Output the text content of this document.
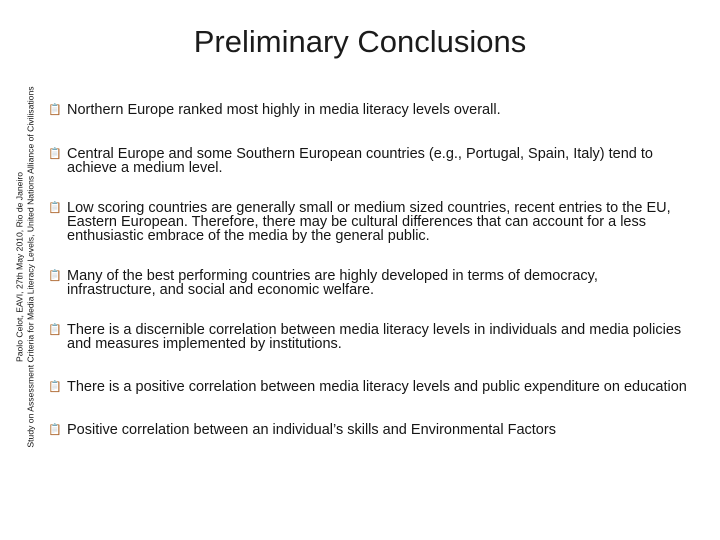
Paolo Celot, EAVI, 27th May 2010, Rio de Janeiro Study on Assessment Criteria for Media Literacy Levels, United Nations Alliance of Civilisations
Preliminary Conclusions
📋 Northern Europe ranked most highly in media literacy levels overall.
📋 Central Europe and some Southern European countries (e.g., Portugal, Spain, Italy) tend to achieve a medium level.
📋 Low scoring countries are generally small or medium sized countries, recent entries to the EU, Eastern European. Therefore, there may be cultural differences that can account for a less enthusiastic embrace of the media by the general public.
📋 Many of the best performing countries are highly developed in terms of democracy, infrastructure, and social and economic welfare.
📋 There is a discernible correlation between media literacy levels in individuals and media policies and measures implemented by institutions.
📋 There is a positive correlation between media literacy levels and public expenditure on education
📋 Positive correlation between an individual’s skills and Environmental Factors
